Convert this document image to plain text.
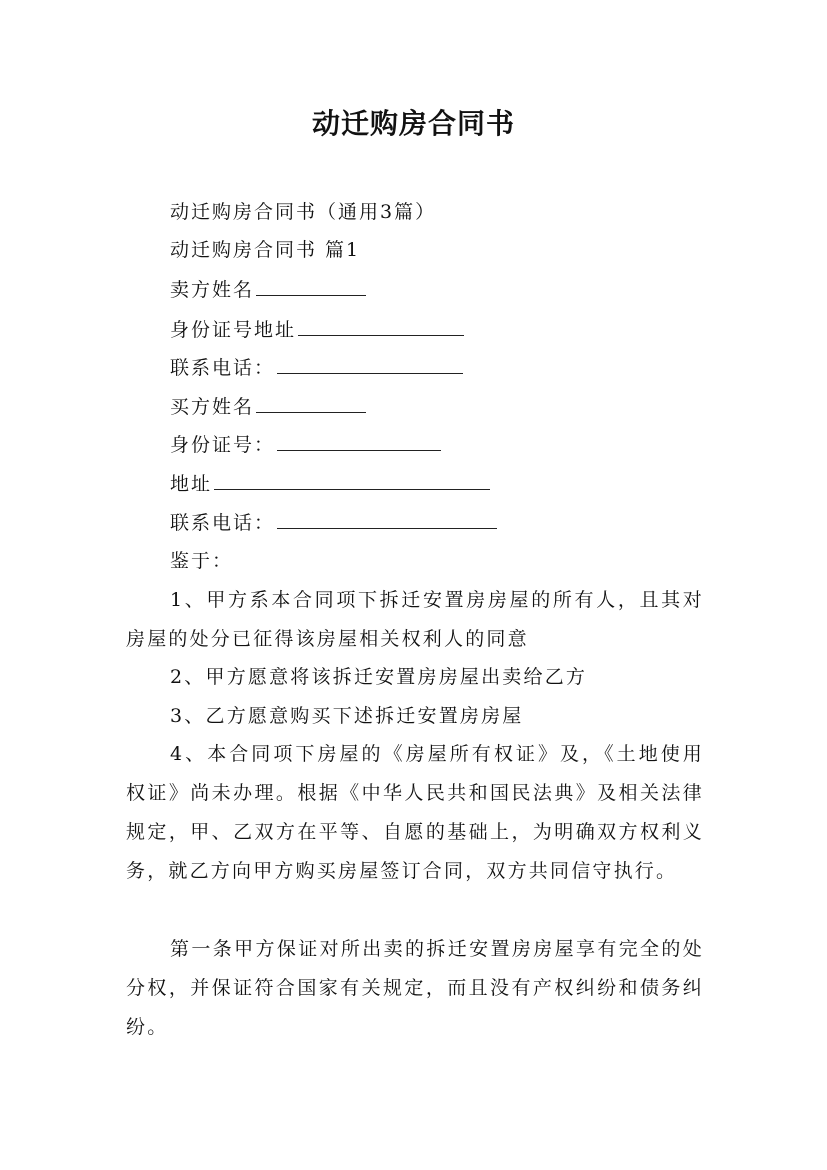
动迁购房合同书
动迁购房合同书（通用3篇）
动迁购房合同书 篇1
卖方姓名
身份证号地址
联系电话：
买方姓名
身份证号：
地址
联系电话：
鉴于：
1、甲方系本合同项下拆迁安置房房屋的所有人，且其对房屋的处分已征得该房屋相关权利人的同意
2、甲方愿意将该拆迁安置房房屋出卖给乙方
3、乙方愿意购买下述拆迁安置房房屋
4、本合同项下房屋的《房屋所有权证》及，《土地使用权证》尚未办理。根据《中华人民共和国民法典》及相关法律规定，甲、乙双方在平等、自愿的基础上，为明确双方权利义务，就乙方向甲方购买房屋签订合同，双方共同信守执行。
第一条甲方保证对所出卖的拆迁安置房房屋享有完全的处分权，并保证符合国家有关规定，而且没有产权纠纷和债务纠纷。
